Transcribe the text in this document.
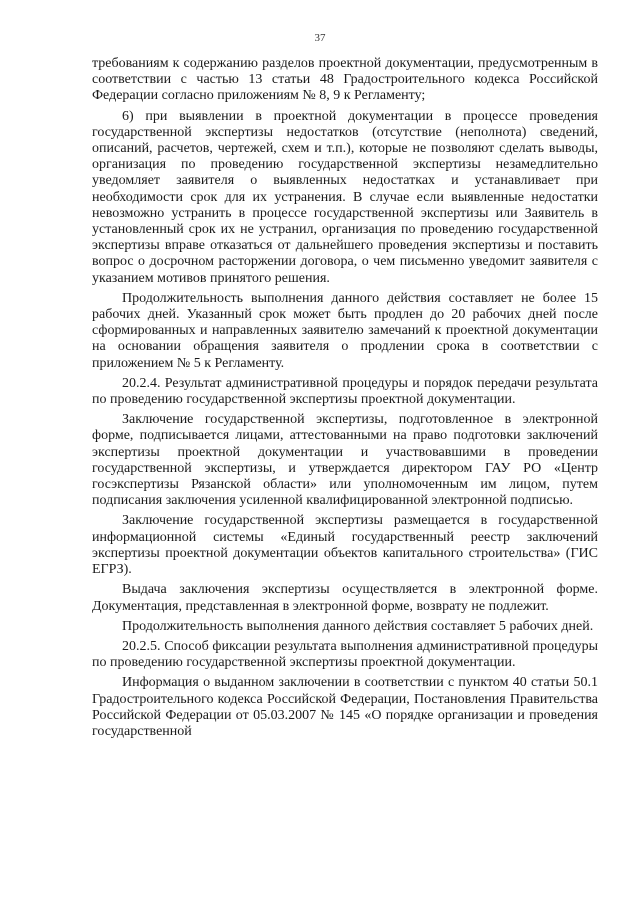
37

требованиям к содержанию разделов проектной документации, предусмотренным в соответствии с частью 13 статьи 48 Градостроительного кодекса Российской Федерации согласно приложениям № 8, 9 к Регламенту;

6) при выявлении в проектной документации в процессе проведения государственной экспертизы недостатков (отсутствие (неполнота) сведений, описаний, расчетов, чертежей, схем и т.п.), которые не позволяют сделать выводы, организация по проведению государственной экспертизы незамедлительно уведомляет заявителя о выявленных недостатках и устанавливает при необходимости срок для их устранения. В случае если выявленные недостатки невозможно устранить в процессе государственной экспертизы или Заявитель в установленный срок их не устранил, организация по проведению государственной экспертизы вправе отказаться от дальнейшего проведения экспертизы и поставить вопрос о досрочном расторжении договора, о чем письменно уведомит заявителя с указанием мотивов принятого решения.

Продолжительность выполнения данного действия составляет не более 15 рабочих дней. Указанный срок может быть продлен до 20 рабочих дней после сформированных и направленных заявителю замечаний к проектной документации на основании обращения заявителя о продлении срока в соответствии с приложением № 5 к Регламенту.

20.2.4. Результат административной процедуры и порядок передачи результата по проведению государственной экспертизы проектной документации.

Заключение государственной экспертизы, подготовленное в электронной форме, подписывается лицами, аттестованными на право подготовки заключений экспертизы проектной документации и участвовавшими в проведении государственной экспертизы, и утверждается директором ГАУ РО «Центр госэкспертизы Рязанской области» или уполномоченным им лицом, путем подписания заключения усиленной квалифицированной электронной подписью.

Заключение государственной экспертизы размещается в государственной информационной системы «Единый государственный реестр заключений экспертизы проектной документации объектов капитального строительства» (ГИС ЕГРЗ).

Выдача заключения экспертизы осуществляется в электронной форме. Документация, представленная в электронной форме, возврату не подлежит.

Продолжительность выполнения данного действия составляет 5 рабочих дней.

20.2.5. Способ фиксации результата выполнения административной процедуры по проведению государственной экспертизы проектной документации.

Информация о выданном заключении в соответствии с пунктом 40 статьи 50.1 Градостроительного кодекса Российской Федерации, Постановления Правительства Российской Федерации от 05.03.2007 № 145 «О порядке организации и проведения государственной
